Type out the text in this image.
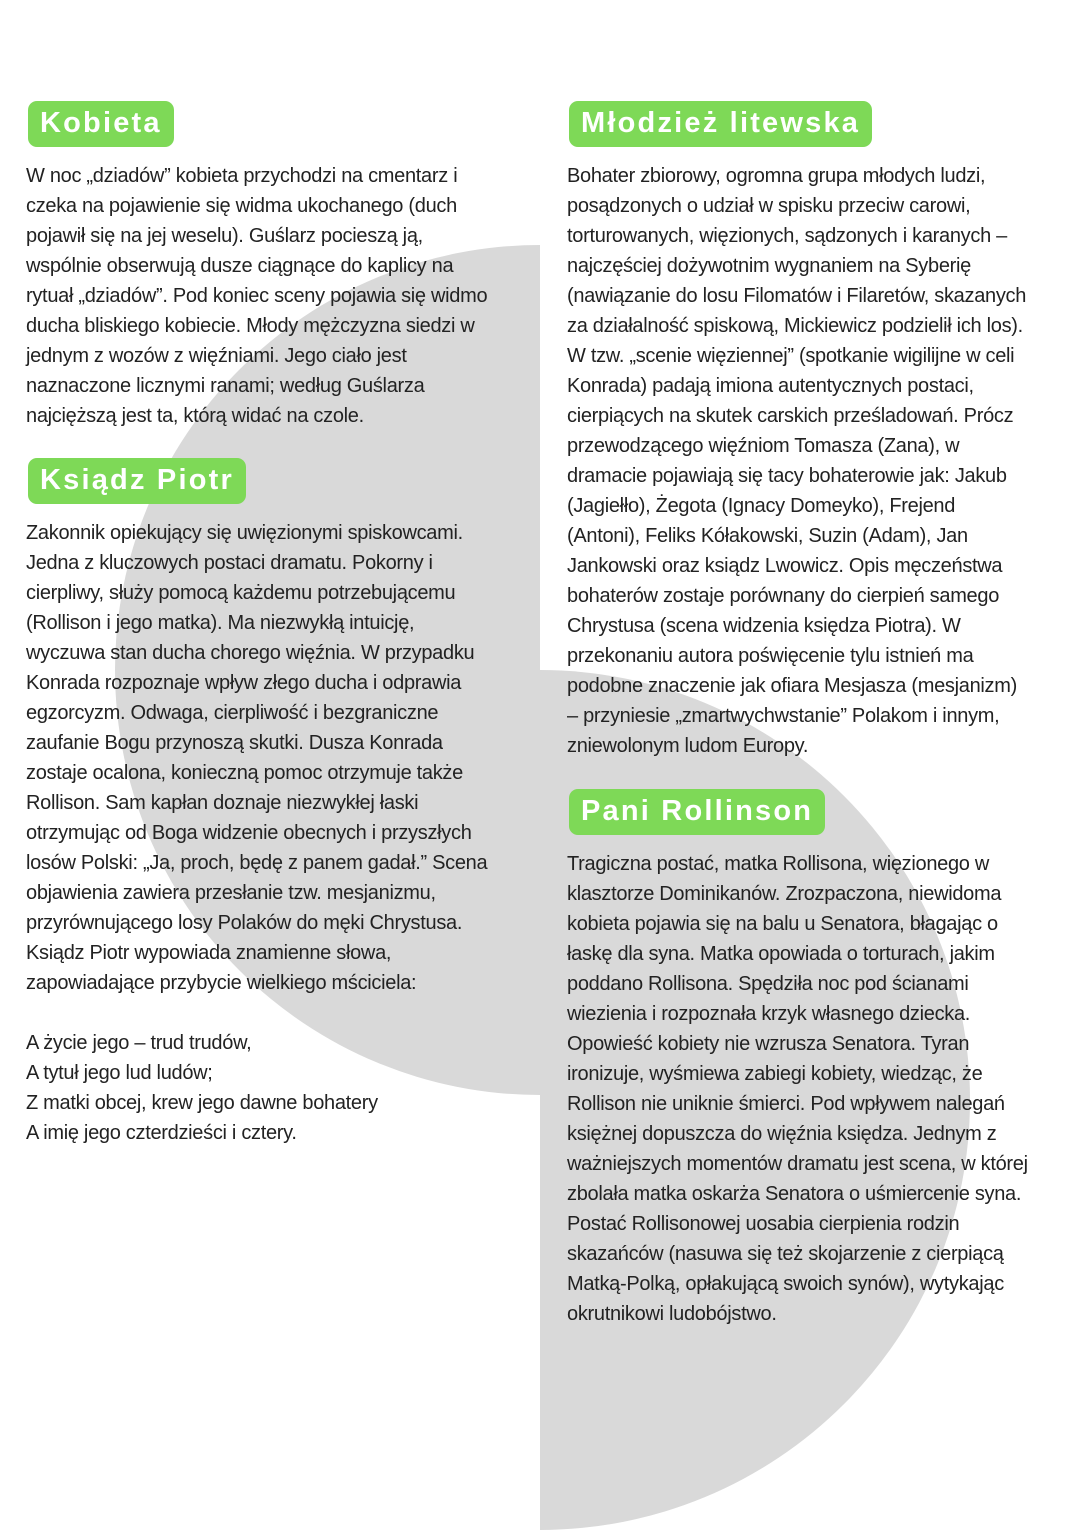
Kobieta
W noc „dziadów” kobieta przychodzi na cmentarz i
czeka na pojawienie się widma ukochanego (duch
pojawił się na jej weselu). Guślarz pocieszą ją,
wspólnie obserwują dusze ciągnące do kaplicy na
rytuał „dziadów”. Pod koniec sceny pojawia się widmo
ducha bliskiego kobiecie. Młody mężczyzna siedzi w
jednym z wozów z więźniami. Jego ciało jest
naznaczone licznymi ranami; według Guślarza
najcięższą jest ta, którą widać na czole.
Ksiądz Piotr
Zakonnik opiekujący się uwięzionymi spiskowcami.
Jedna z kluczowych postaci dramatu. Pokorny i
cierpliwy, służy pomocą każdemu potrzebującemu
(Rollison i jego matka). Ma niezwykłą intuicję,
wyczuwa stan ducha chorego więźnia. W przypadku
Konrada rozpoznaje wpływ złego ducha i odprawia
egzorcyzm. Odwaga, cierpliwość i bezgraniczne
zaufanie Bogu przynoszą skutki. Dusza Konrada
zostaje ocalona, konieczną pomoc otrzymuje także
Rollison. Sam kapłan doznaje niezwykłej łaski
otrzymując od Boga widzenie obecnych i przyszłych
losów Polski: „Ja, proch, będę z panem gadał.” Scena
objawienia zawiera przesłanie tzw. mesjanizmu,
przyrównującego losy Polaków do męki Chrystusa.
Ksiądz Piotr wypowiada znamienne słowa,
zapowiadające przybycie wielkiego mściciela:
A życie jego – trud trudów,
A tytuł jego lud ludów;
Z matki obcej, krew jego dawne bohatery
A imię jego czterdzieści i cztery.
Młodzież litewska
Bohater zbiorowy, ogromna grupa młodych ludzi,
posądzonych o udział w spisku przeciw carowi,
torturowanych, więzionych, sądzonych i karanych –
najczęściej dożywotnim wygnaniem na Syberię
(nawiązanie do losu Filomatów i Filaretów, skazanych
za działalność spiskową, Mickiewicz podzielił ich los).
W tzw. „scenie więziennej” (spotkanie wigilijne w celi
Konrada) padają imiona autentycznych postaci,
cierpiących na skutek carskich prześladowań. Prócz
przewodzącego więźniom Tomasza (Zana), w
dramacie pojawiają się tacy bohaterowie jak: Jakub
(Jagiełło), Żegota (Ignacy Domeyko), Frejend
(Antoni), Feliks Kółakowski, Suzin (Adam), Jan
Jankowski oraz ksiądz Lwowicz. Opis męczeństwa
bohaterów zostaje porównany do cierpień samego
Chrystusa (scena widzenia księdza Piotra). W
przekonaniu autora poświęcenie tylu istnień ma
podobne znaczenie jak ofiara Mesjasza (mesjanizm)
– przyniesie „zmartwychwstanie” Polakom i innym,
zniewolonym ludom Europy.
Pani Rollinson
Tragiczna postać, matka Rollisona, więzionego w
klasztorze Dominikanów. Zrozpaczona, niewidoma
kobieta pojawia się na balu u Senatora, błagając o
łaskę dla syna. Matka opowiada o torturach, jakim
poddano Rollisona. Spędziła noc pod ścianami
wiezienia i rozpoznała krzyk własnego dziecka.
Opowieść kobiety nie wzrusza Senatora. Tyran
ironizuje, wyśmiewa zabiegi kobiety, wiedząc, że
Rollison nie uniknie śmierci. Pod wpływem nalegań
księżnej dopuszcza do więźnia księdza. Jednym z
ważniejszych momentów dramatu jest scena, w której
zbolała matka oskarża Senatora o uśmiercenie syna.
Postać Rollisonowej uosabia cierpienia rodzin
skazańców (nasuwa się też skojarzenie z cierpiącą
Matką-Polką, opłakującą swoich synów), wytykając
okrutnikowi ludobójstwo.
